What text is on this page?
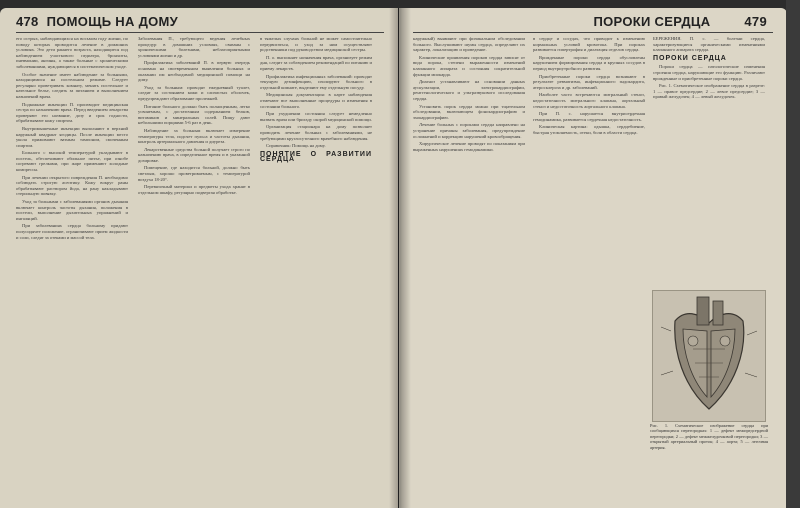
478 ПОМОЩЬ НА ДОМУ

его острых, наблюдающихся на восьмом году жизни, по поводу которых проводится лечение в домашних условиях. Это дети раннего возраста, находящиеся под наблюдением участкового педиатра, бронхиты, пневмонии, ангины, а также больные с хроническими заболеваниями, нуждающиеся в систематическом уходе.

Особое значение имеет наблюдение за больными, находящимися на постельном режиме. Следует регулярно проветривать комнату, менять постельное и нательное белье, следить за питанием и выполнением назначений врача.

Подкожные инъекции П. производит медицинская сестра по назначению врача. Перед введением лекарства проверяют его название, дозу и срок годности, обрабатывают кожу спиртом.

Внутримышечные инъекции выполняют в верхний наружный квадрант ягодицы. После инъекции место укола прижимают ватным тампоном, смоченным спиртом.

Больного с высокой температурой укладывают в постель, обеспечивают обильное питье, при ознобе согревают грелками, при жаре применяют холодные компрессы.

При лечении открытого повреждения П. необходимо соблюдать строгую асептику. Кожу вокруг раны обрабатывают раствором йода, на рану накладывают стерильную повязку.

Уход за больными с заболеваниями органов дыхания включает контроль частоты дыхания, положения в постели, выполнение дыхательных упражнений и ингаляций.

При заболеваниях сердца больному придают полусидячее положение, ограничивают прием жидкости и соли, следят за отеками и массой тела.

Заболевания П., требующего ведения лечебных процедур в домашних условиях, связаны с хроническими болезнями, неблагоприятными условиями жизни и др.

Профилактика заболеваний П. в первую очередь основана на своевременном выявлении больных и оказании им необходимой медицинской помощи на дому.

Уход за больным: проводят ежедневный туалет, следят за состоянием кожи и слизистых оболочек, предупреждают образование пролежней.

Питание больного должно быть полноценным, легко усвояемым, с достаточным содержанием белков, витаминов и минеральных солей. Пищу дают небольшими порциями 5-6 раз в день.

Наблюдение за больным включает измерение температуры тела, подсчет пульса и частоты дыхания, контроль артериального давления и диуреза.

Лекарственные средства больной получает строго по назначению врача, в определенное время и в указанной дозировке.

Помещение, где находится больной, должно быть светлым, хорошо проветриваемым, с температурой воздуха 18-20°.

Перевязочный материал и предметы ухода хранят в отдельном шкафу, регулярно подвергая обработке.

в тяжелых случаях больной не может самостоятельно передвигаться, и уход за ним осуществляют родственники под руководством медицинской сестры.

П. о. выполняет назначения врача, организует режим дня, следит за соблюдением рекомендаций по питанию и приему лекарств.

Профилактика инфекционных заболеваний: проводят текущую дезинфекцию, изолируют больного в отдельной комнате, выделяют ему отдельную посуду.

Медицинская документация: в карте наблюдения отмечают все выполненные процедуры и изменения в состоянии больного.

При ухудшении состояния следует немедленно вызвать врача или бригаду скорой медицинской помощи.

Организация стационара на дому позволяет проводить лечение больных с заболеваниями, не требующими круглосуточного врачебного наблюдения.

Справочник: Помощь на дому.

ПОНЯТИЕ О РАЗВИТИИ СЕРДЦА
ПОРОКИ СЕРДЦА	479

наружный) выявляют при физикальном обследовании больного. Выслушивают шумы сердца, определяют их характер, локализацию и проведение.

Клинические проявления пороков сердца зависят от вида порока, степени выраженности изменений клапанного аппарата и состояния сократительной функции миокарда.

Диагноз устанавливают на основании данных аускультации, электрокардиографии, рентгенологического и ультразвукового исследования сердца.

Установить порок сердца можно при тщательном обследовании, включающем фонокардиографию и эхокардиографию.

Лечение больных с пороками сердца направлено на устранение причины заболевания, предупреждение осложнений и коррекцию нарушений кровообращения.

Хирургическое лечение проводят по показаниям при выраженных нарушениях гемодинамики.

в сердце и сосудах, что приводит к изменению нормальных условий кровотока. При пороках развивается гипертрофия и дилатация отделов сердца.

Врожденные пороки сердца обусловлены нарушением формирования сердца и крупных сосудов в период внутриутробного развития.

Приобретенные пороки сердца возникают в результате ревматизма, инфекционного эндокардита, атеросклероза и др. заболеваний.

Наиболее часто встречаются митральный стеноз, недостаточность митрального клапана, аортальный стеноз и недостаточность аортального клапана.

При П. с. нарушается внутрисердечная гемодинамика, развивается сердечная недостаточность.

Клиническая картина: одышка, сердцебиение, быстрая утомляемость, отеки, боли в области сердца.

БЕРЕЖЕНИЯ. П. с. — болезни сердца, характеризующиеся органическими изменениями клапанного аппарата сердца.

ПОРОКИ СЕРДЦА

Пороки сердца — патологические изменения строения сердца, нарушающие его функцию. Различают врожденные и приобретенные пороки сердца.

Рис. 1. Схематическое изображение сердца в разрезе: 1 — правое предсердие; 2 — левое предсердие; 3 — правый желудочек; 4 — левый желудочек.

Рис. 1. Схематическое изображение сердца при сообщающихся перегородках: 1 — дефект межпредсердной перегородки; 2 — дефект межжелудочковой перегородки; 3 — открытый артериальный проток; 4 — аорта; 5 — легочная артерия.
